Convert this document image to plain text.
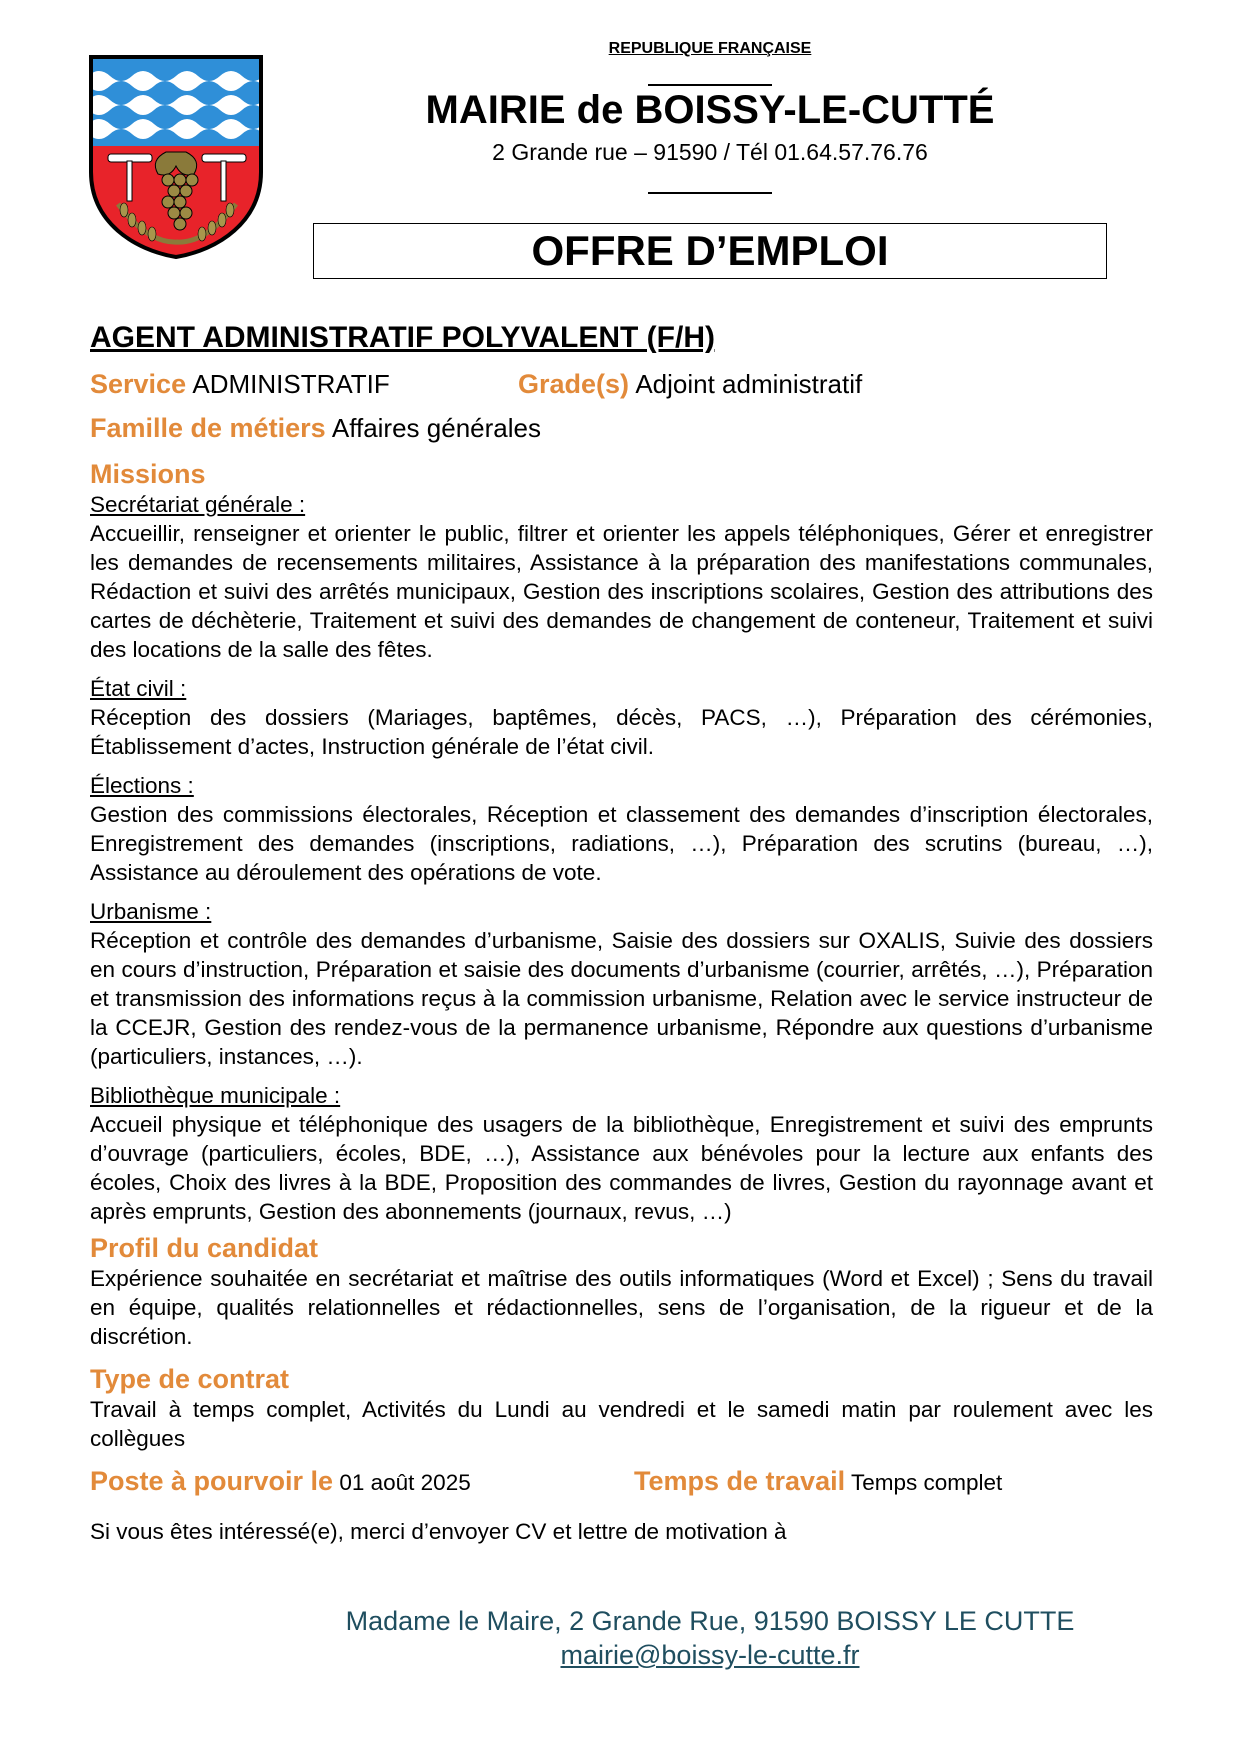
REPUBLIQUE FRANÇAISE
MAIRIE de BOISSY-LE-CUTTÉ
2 Grande rue – 91590 / Tél 01.64.57.76.76
OFFRE D’EMPLOI
AGENT ADMINISTRATIF POLYVALENT (F/H)
Service ADMINISTRATIF	Grade(s) Adjoint administratif
Famille de métiers
Affaires générales
Missions
Secrétariat générale :
Accueillir, renseigner et orienter le public, filtrer et orienter les appels téléphoniques, Gérer et enregistrer les demandes de recensements militaires, Assistance à la préparation des manifestations communales, Rédaction et suivi des arrêtés municipaux, Gestion des inscriptions scolaires, Gestion des attributions des cartes de déchèterie, Traitement et suivi des demandes de changement de conteneur, Traitement et suivi des locations de la salle des fêtes.
État civil :
Réception des dossiers (Mariages, baptêmes, décès, PACS, …), Préparation des cérémonies, Établissement d’actes, Instruction générale de l’état civil.
Élections :
Gestion des commissions électorales, Réception et classement des demandes d’inscription électorales, Enregistrement des demandes (inscriptions, radiations, …), Préparation des scrutins (bureau, …), Assistance au déroulement des opérations de vote.
Urbanisme :
Réception et contrôle des demandes d’urbanisme, Saisie des dossiers sur OXALIS, Suivie des dossiers en cours d’instruction, Préparation et saisie des documents d’urbanisme (courrier, arrêtés, …), Préparation et transmission des informations reçus à la commission urbanisme, Relation avec le service instructeur de la CCEJR, Gestion des rendez-vous de la permanence urbanisme, Répondre aux questions d’urbanisme (particuliers, instances, …).
Bibliothèque municipale :
Accueil physique et téléphonique des usagers de la bibliothèque, Enregistrement et suivi des emprunts d’ouvrage (particuliers, écoles, BDE, …), Assistance aux bénévoles pour la lecture aux enfants des écoles, Choix des livres à la BDE, Proposition des commandes de livres, Gestion du rayonnage avant et après emprunts, Gestion des abonnements (journaux, revus, …)
Profil du candidat
Expérience souhaitée en secrétariat et maîtrise des outils informatiques (Word et Excel) ; Sens du travail en équipe, qualités relationnelles et rédactionnelles, sens de l’organisation, de la rigueur et de la discrétion.
Type de contrat
Travail à temps complet, Activités du Lundi au vendredi et le samedi matin par roulement avec les collègues
Poste à pourvoir le 01 août 2025	Temps de travail Temps complet
Si vous êtes intéressé(e), merci d’envoyer CV et lettre de motivation à
Madame le Maire, 2 Grande Rue, 91590 BOISSY LE CUTTE
mairie@boissy-le-cutte.fr
